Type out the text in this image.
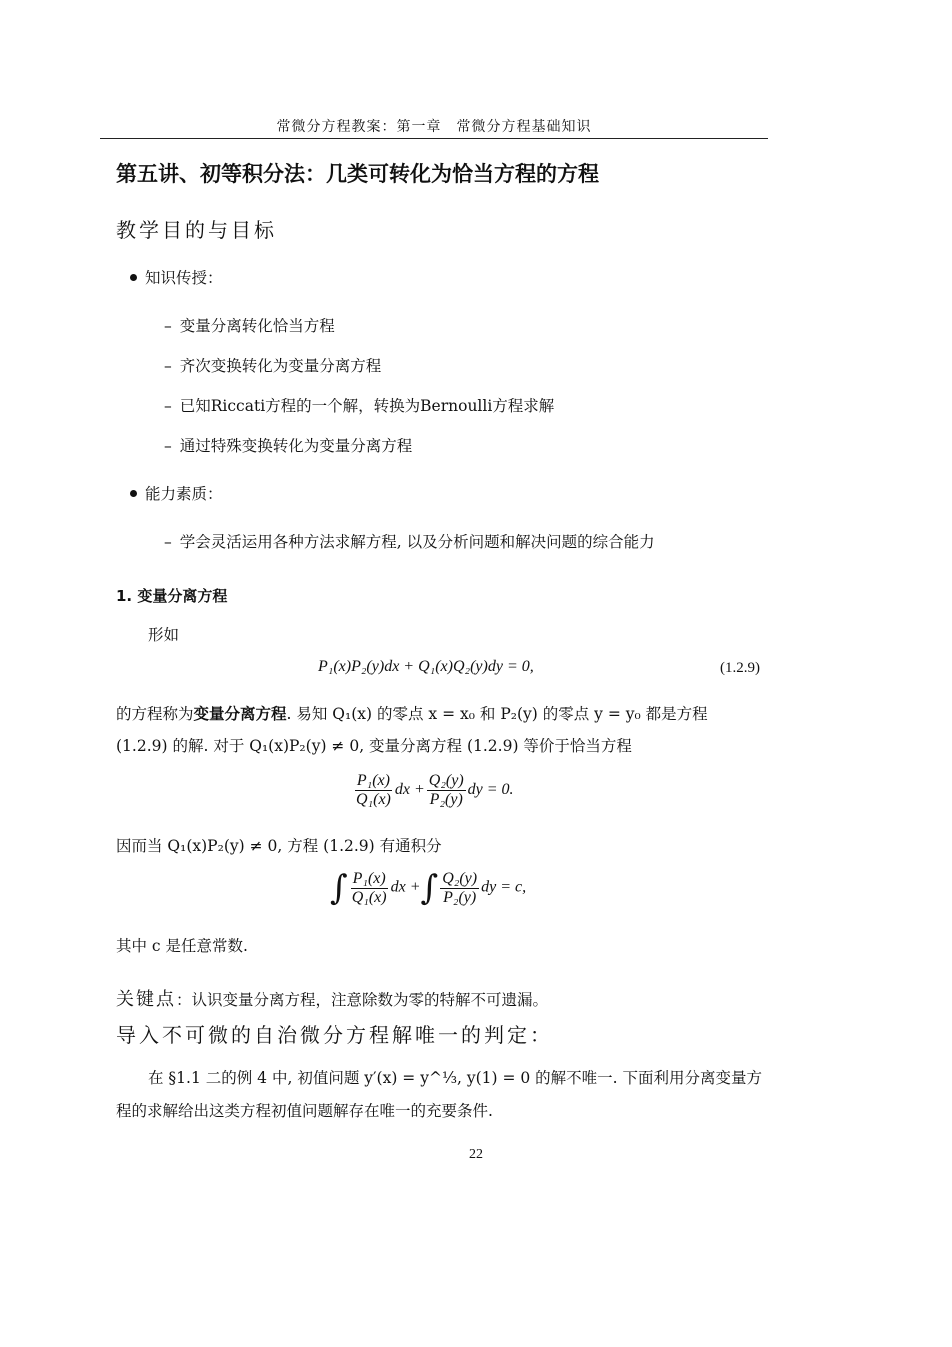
常微分方程教案：第一章　常微分方程基础知识
第五讲、初等积分法：几类可转化为恰当方程的方程
教学目的与目标
知识传授：
– 变量分离转化恰当方程
– 齐次变换转化为变量分离方程
– 已知Riccati方程的一个解，转换为Bernoulli方程求解
– 通过特殊变换转化为变量分离方程
能力素质：
– 学会灵活运用各种方法求解方程, 以及分析问题和解决问题的综合能力
1. 变量分离方程
形如
P₁(x)P₂(y)dx + Q₁(x)Q₂(y)dy = 0,	(1.2.9)
的方程称为变量分离方程. 易知 Q₁(x) 的零点 x = x₀ 和 P₂(y) 的零点 y = y₀ 都是方程
(1.2.9) 的解. 对于 Q₁(x)P₂(y) ≠ 0, 变量分离方程 (1.2.9) 等价于恰当方程
$\frac{\text{P₁(x)}}{\text{Q₁(x)}}$ dx + $\frac{\text{Q₂(y)}}{\text{P₂(y)}}$ dy = 0.
因而当 Q₁(x)P₂(y) ≠ 0, 方程 (1.2.9) 有通积分
∫ $\frac{\text{P₁(x)}}{\text{Q₁(x)}}$ dx +∫ $\frac{\text{Q₂(y)}}{\text{P₂(y)}}$ dy = c,
其中 c 是任意常数.
关键点：认识变量分离方程，注意除数为零的特解不可遗漏。
导入不可微的自治微分方程解唯一的判定：
在 §1.1 二的例 4 中, 初值问题 y′(x) = y^⅓, y(1) = 0 的解不唯一. 下面利用分离变量方
程的求解给出这类方程初值问题解存在唯一的充要条件.
22
